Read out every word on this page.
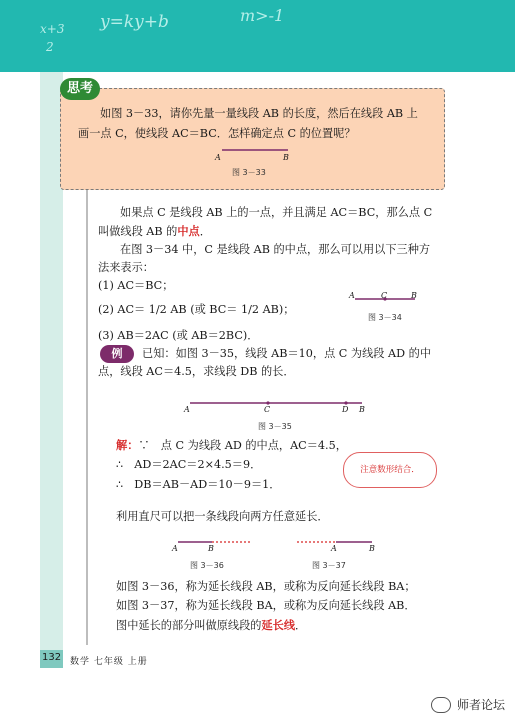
x+3
2
y=ky+b	m>-1
132 数学 七年级 上册
思考
如图 3－33，请你先量一量线段 AB 的长度，然后在线段 AB 上画一点 C，使线段 AC＝BC．怎样确定点 C 的位置呢？
A	B
图 3－33
如果点 C 是线段 AB 上的一点，并且满足 AC＝BC，那么点 C 叫做线段 AB 的中点．
在图 3－34 中，C 是线段 AB 的中点，那么可以用以下三种方法来表示：
(1) AC＝BC；
(2) AC＝ 1/2 AB (或 BC＝ 1/2 AB)；
(3) AB＝2AC (或 AB＝2BC)．
A	C	B
图 3－34
例	已知：如图 3－35，线段 AB＝10，点 C 为线段 AD 的中点，线段 AC＝4.5，求线段 DB 的长．
A	C	D B
图 3－35
解：∵　点 C 为线段 AD 的中点，AC＝4.5，
∴　AD＝2AC＝2×4.5＝9．
∴　DB＝AB－AD＝10－9＝1．
注意数形结合．
利用直尺可以把一条线段向两方任意延长．
A	B
图 3－36
A	B
图 3－37
如图 3－36，称为延长线段 AB，或称为反向延长线段 BA；
如图 3－37，称为延长线段 BA，或称为反向延长线段 AB．
图中延长的部分叫做原线段的延长线．
师者论坛
